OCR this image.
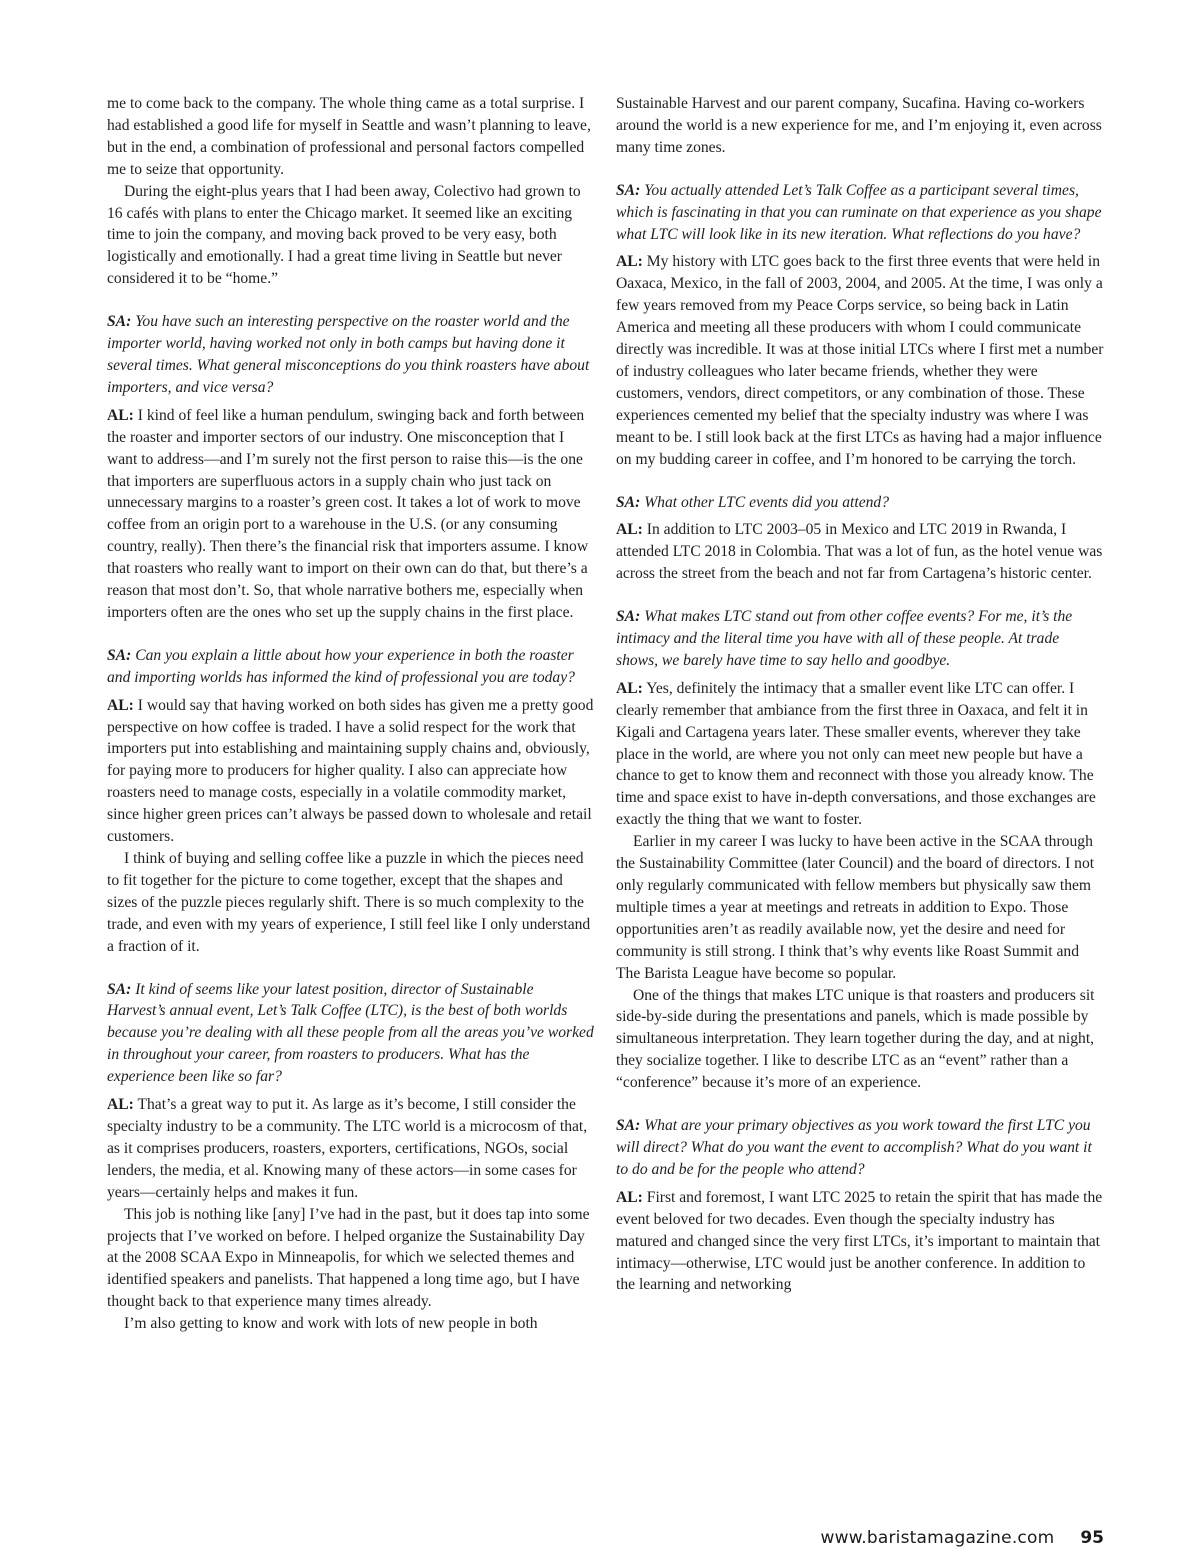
me to come back to the company. The whole thing came as a total surprise. I had established a good life for myself in Seattle and wasn’t planning to leave, but in the end, a combination of professional and personal factors compelled me to seize that opportunity.

During the eight-plus years that I had been away, Colectivo had grown to 16 cafés with plans to enter the Chicago market. It seemed like an exciting time to join the company, and moving back proved to be very easy, both logistically and emotionally. I had a great time living in Seattle but never considered it to be “home.”

SA: You have such an interesting perspective on the roaster world and the importer world, having worked not only in both camps but having done it several times. What general misconceptions do you think roasters have about importers, and vice versa?

AL: I kind of feel like a human pendulum, swinging back and forth between the roaster and importer sectors of our industry. One misconception that I want to address—and I’m surely not the first person to raise this—is the one that importers are superfluous actors in a supply chain who just tack on unnecessary margins to a roaster’s green cost. It takes a lot of work to move coffee from an origin port to a warehouse in the U.S. (or any consuming country, really). Then there’s the financial risk that importers assume. I know that roasters who really want to import on their own can do that, but there’s a reason that most don’t. So, that whole narrative bothers me, especially when importers often are the ones who set up the supply chains in the first place.

SA: Can you explain a little about how your experience in both the roaster and importing worlds has informed the kind of professional you are today?

AL: I would say that having worked on both sides has given me a pretty good perspective on how coffee is traded. I have a solid respect for the work that importers put into establishing and maintaining supply chains and, obviously, for paying more to producers for higher quality. I also can appreciate how roasters need to manage costs, especially in a volatile commodity market, since higher green prices can’t always be passed down to wholesale and retail customers.

I think of buying and selling coffee like a puzzle in which the pieces need to fit together for the picture to come together, except that the shapes and sizes of the puzzle pieces regularly shift. There is so much complexity to the trade, and even with my years of experience, I still feel like I only understand a fraction of it.

SA: It kind of seems like your latest position, director of Sustainable Harvest’s annual event, Let’s Talk Coffee (LTC), is the best of both worlds because you’re dealing with all these people from all the areas you’ve worked in throughout your career, from roasters to producers. What has the experience been like so far?

AL: That’s a great way to put it. As large as it’s become, I still consider the specialty industry to be a community. The LTC world is a microcosm of that, as it comprises producers, roasters, exporters, certifications, NGOs, social lenders, the media, et al. Knowing many of these actors—in some cases for years—certainly helps and makes it fun.

This job is nothing like [any] I’ve had in the past, but it does tap into some projects that I’ve worked on before. I helped organize the Sustainability Day at the 2008 SCAA Expo in Minneapolis, for which we selected themes and identified speakers and panelists. That happened a long time ago, but I have thought back to that experience many times already.

I’m also getting to know and work with lots of new people in both

Sustainable Harvest and our parent company, Sucafina. Having co-workers around the world is a new experience for me, and I’m enjoying it, even across many time zones.

SA: You actually attended Let’s Talk Coffee as a participant several times, which is fascinating in that you can ruminate on that experience as you shape what LTC will look like in its new iteration. What reflections do you have?

AL: My history with LTC goes back to the first three events that were held in Oaxaca, Mexico, in the fall of 2003, 2004, and 2005. At the time, I was only a few years removed from my Peace Corps service, so being back in Latin America and meeting all these producers with whom I could communicate directly was incredible. It was at those initial LTCs where I first met a number of industry colleagues who later became friends, whether they were customers, vendors, direct competitors, or any combination of those. These experiences cemented my belief that the specialty industry was where I was meant to be. I still look back at the first LTCs as having had a major influence on my budding career in coffee, and I’m honored to be carrying the torch.

SA: What other LTC events did you attend?

AL: In addition to LTC 2003–05 in Mexico and LTC 2019 in Rwanda, I attended LTC 2018 in Colombia. That was a lot of fun, as the hotel venue was across the street from the beach and not far from Cartagena’s historic center.

SA: What makes LTC stand out from other coffee events? For me, it’s the intimacy and the literal time you have with all of these people. At trade shows, we barely have time to say hello and goodbye.

AL: Yes, definitely the intimacy that a smaller event like LTC can offer. I clearly remember that ambiance from the first three in Oaxaca, and felt it in Kigali and Cartagena years later. These smaller events, wherever they take place in the world, are where you not only can meet new people but have a chance to get to know them and reconnect with those you already know. The time and space exist to have in-depth conversations, and those exchanges are exactly the thing that we want to foster.

Earlier in my career I was lucky to have been active in the SCAA through the Sustainability Committee (later Council) and the board of directors. I not only regularly communicated with fellow members but physically saw them multiple times a year at meetings and retreats in addition to Expo. Those opportunities aren’t as readily available now, yet the desire and need for community is still strong. I think that’s why events like Roast Summit and The Barista League have become so popular.

One of the things that makes LTC unique is that roasters and producers sit side-by-side during the presentations and panels, which is made possible by simultaneous interpretation. They learn together during the day, and at night, they socialize together. I like to describe LTC as an “event” rather than a “conference” because it’s more of an experience.

SA: What are your primary objectives as you work toward the first LTC you will direct? What do you want the event to accomplish? What do you want it to do and be for the people who attend?

AL: First and foremost, I want LTC 2025 to retain the spirit that has made the event beloved for two decades. Even though the specialty industry has matured and changed since the very first LTCs, it’s important to maintain that intimacy—otherwise, LTC would just be another conference. In addition to the learning and networking

www.baristamagazine.com 95
